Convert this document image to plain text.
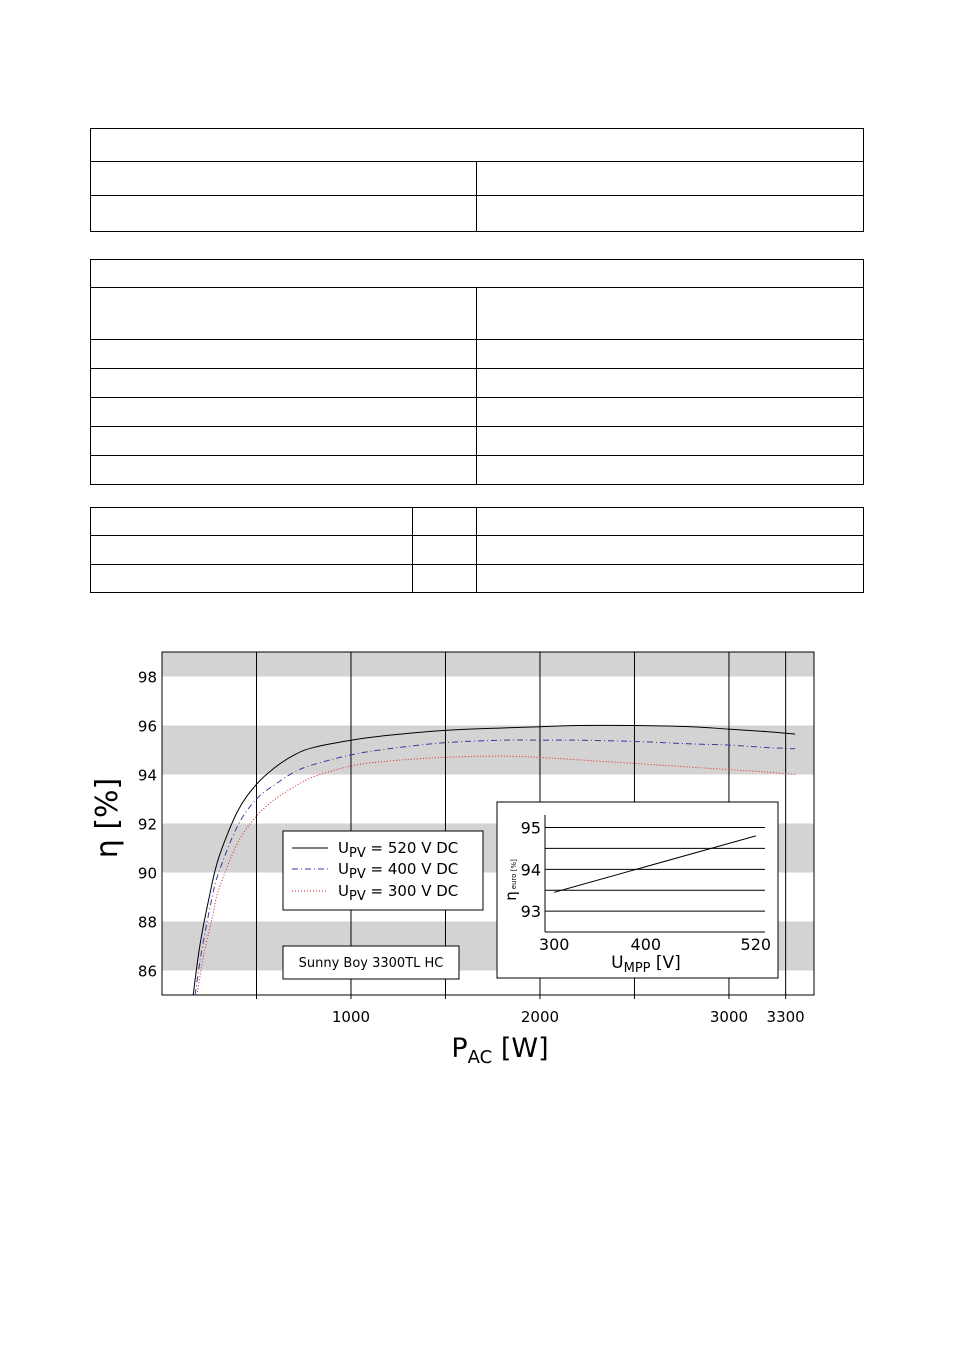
86
88
90
92
94
96
98
1000	2000	3000 3300
η [%]
$P_{AC}$ [W]
UPV = 520 V DC
UPV = 400 V DC
UPV = 300 V DC
Sunny Boy 3300TL HC
93
94
95
300	400	520
ηeuro [%]
$U_{MPP}$ [V]
